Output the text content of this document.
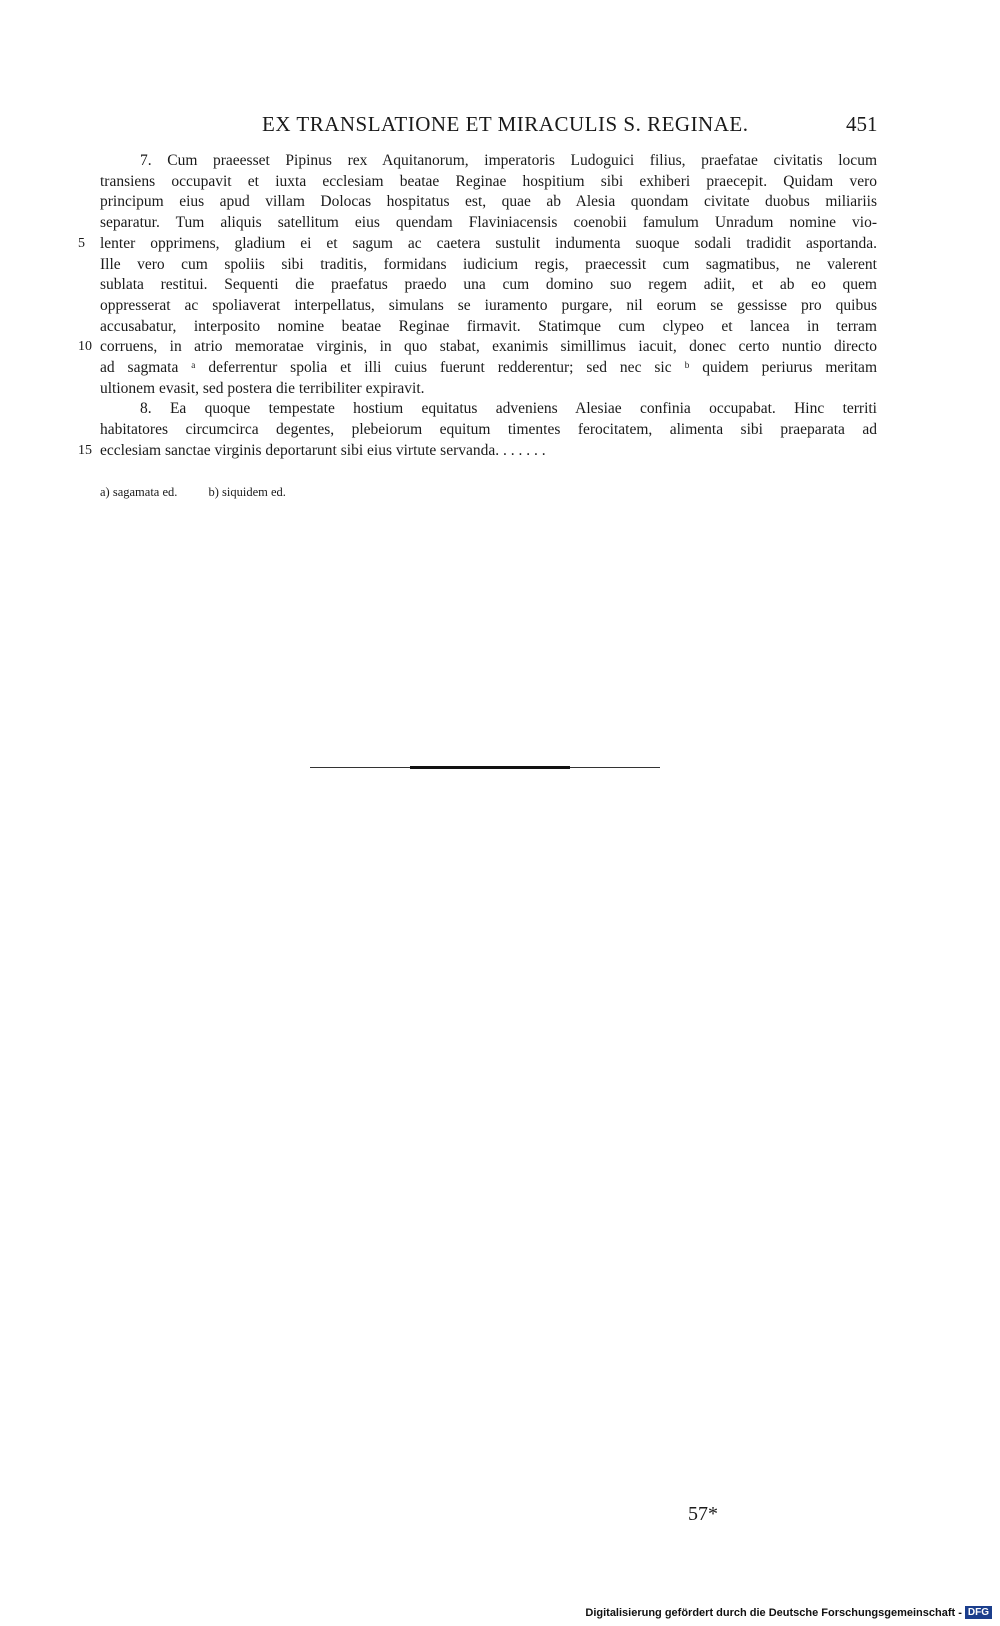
EX TRANSLATIONE ET MIRACULIS S. REGINAE.	451
7. Cum praeesset Pipinus rex Aquitanorum, imperatoris Ludoguici filius, praefatae civitatis locum
transiens occupavit et iuxta ecclesiam beatae Reginae hospitium sibi exhiberi praecepit. Quidam vero
principum eius apud villam Dolocas hospitatus est, quae ab Alesia quondam civitate duobus miliariis
separatur. Tum aliquis satellitum eius quendam Flaviniacensis coenobii famulum Unradum nomine vio-
lenter opprimens, gladium ei et sagum ac caetera sustulit indumenta suoque sodali tradidit asportanda.
5
Ille vero cum spoliis sibi traditis, formidans iudicium regis, praecessit cum sagmatibus, ne valerent
sublata restitui. Sequenti die praefatus praedo una cum domino suo regem adiit, et ab eo quem
oppresserat ac spoliaverat interpellatus, simulans se iuramento purgare, nil eorum se gessisse pro quibus
accusabatur, interposito nomine beatae Reginae firmavit. Statimque cum clypeo et lancea in terram
corruens, in atrio memoratae virginis, in quo stabat, exanimis simillimus iacuit, donec certo nuntio directo
10
ad sagmata ᵃ deferrentur spolia et illi cuius fuerunt redderentur; sed nec sic ᵇ quidem periurus meritam
ultionem evasit, sed postera die terribiliter expiravit.
8. Ea quoque tempestate hostium equitatus adveniens Alesiae confinia occupabat. Hinc territi
habitatores circumcirca degentes, plebeiorum equitum timentes ferocitatem, alimenta sibi praeparata ad
ecclesiam sanctae virginis deportarunt sibi eius virtute servanda. . . . . . .
15
a) sagamata ed. b) siquidem ed.
57*
Digitalisierung gefördert durch die Deutsche Forschungsgemeinschaft - DFG
